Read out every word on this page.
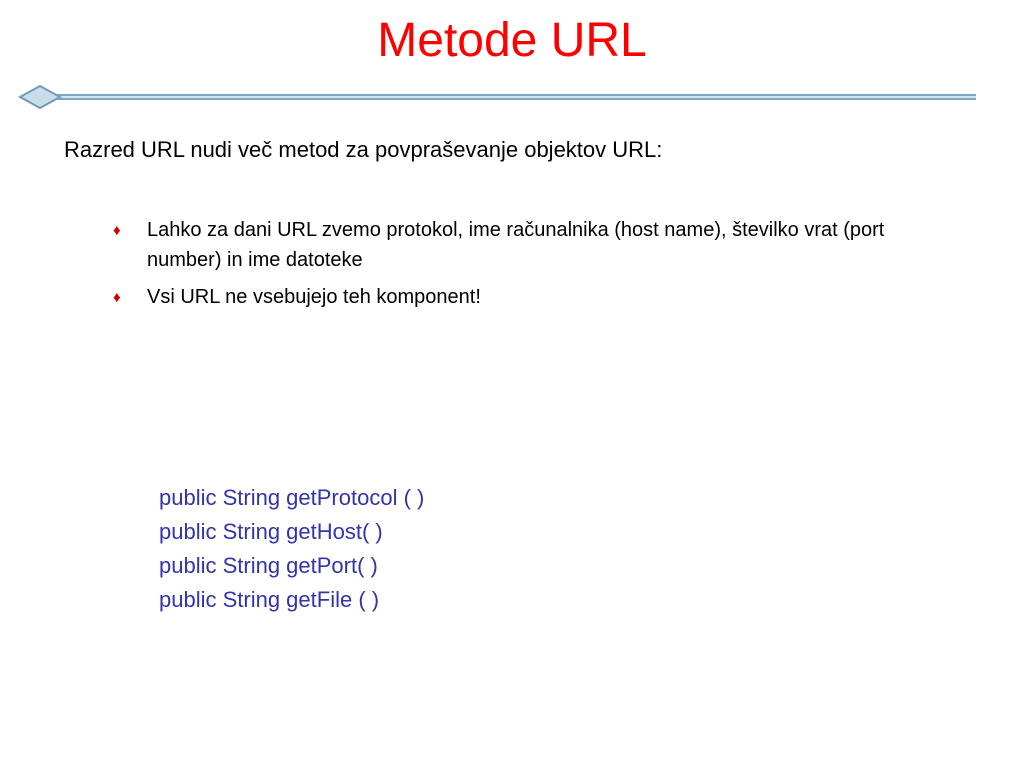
Metode URL
Razred URL nudi več metod za povpraševanje objektov URL:
♦ Lahko za dani URL zvemo protokol, ime računalnika (host name), številko vrat (port number) in ime datoteke
♦ Vsi URL ne vsebujejo teh komponent!
public String getProtocol ( )
public String getHost( )
public String getPort( )
public String getFile ( )
